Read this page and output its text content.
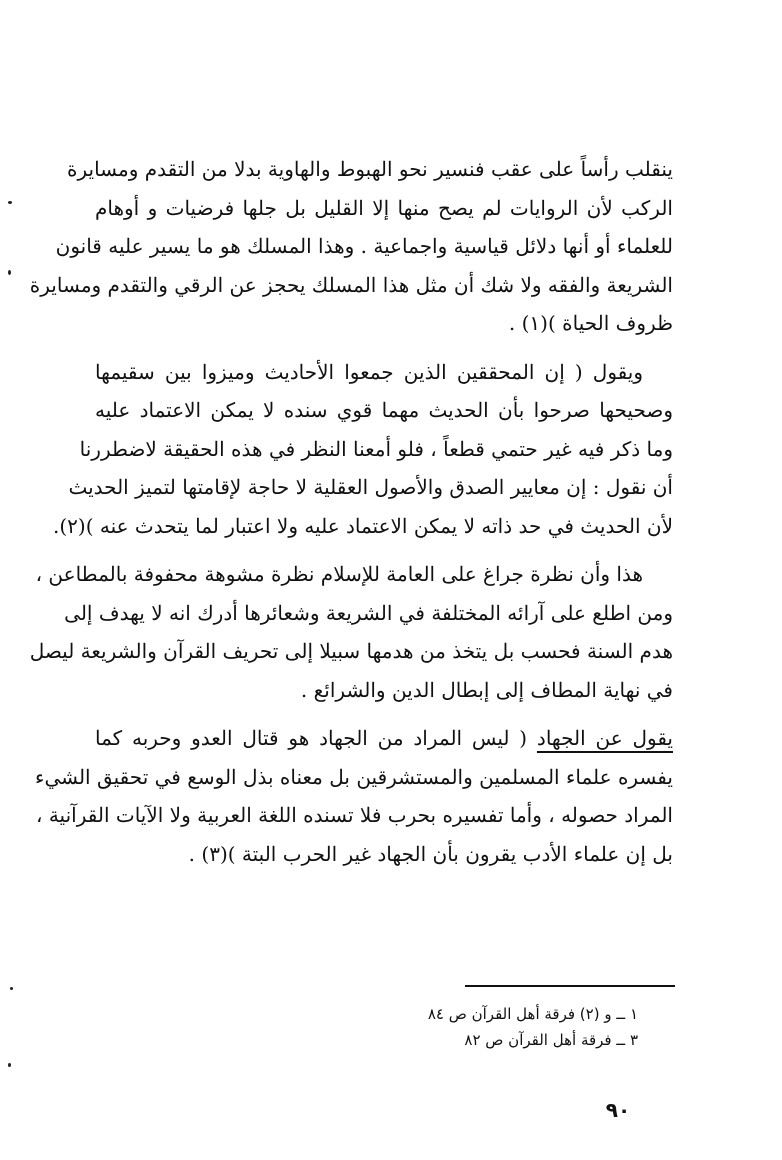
ينقلب رأساً على عقب فنسير نحو الهبوط والهاوية بدلا من التقدم ومسايرة
الركب لأن الروايات لم يصح منها إلا القليل بل جلها فرضيات و أوهام
للعلماء أو أنها دلائل قياسية واجماعية . وهذا المسلك هو ما يسير عليه قانون
الشريعة والفقه ولا شك أن مثل هذا المسلك يحجز عن الرقي والتقدم ومسايرة
ظروف الحياة )(١) .

ويقول ( إن المحققين الذين جمعوا الأحاديث وميزوا بين سقيمها
وصحيحها صرحوا بأن الحديث مهما قوي سنده لا يمكن الاعتماد عليه
وما ذكر فيه غير حتمي قطعاً ، فلو أمعنا النظر في هذه الحقيقة لاضطررنا
أن نقول : إن معايير الصدق والأصول العقلية لا حاجة لإقامتها لتميز الحديث
لأن الحديث في حد ذاته لا يمكن الاعتماد عليه ولا اعتبار لما يتحدث عنه )(٢).

هذا وأن نظرة جراغ على العامة للإسلام نظرة مشوهة محفوفة بالمطاعن ،
ومن اطلع على آرائه المختلفة في الشريعة وشعائرها أدرك انه لا يهدف إلى
هدم السنة فحسب بل يتخذ من هدمها سبيلا إلى تحريف القرآن والشريعة ليصل
في نهاية المطاف إلى إبطال الدين والشرائع .

يقول عن الجهاد ( ليس المراد من الجهاد هو قتال العدو وحربه كما
يفسره علماء المسلمين والمستشرقين بل معناه بذل الوسع في تحقيق الشيء
المراد حصوله ، وأما تفسيره بحرب فلا تسنده اللغة العربية ولا الآيات القرآنية ،
بل إن علماء الأدب يقرون بأن الجهاد غير الحرب البتة )(٣) .

١ ــ و (٢) فرقة أهل القرآن ص ٨٤
٣ ــ فرقة أهل القرآن ص ٨٢
٩٠
